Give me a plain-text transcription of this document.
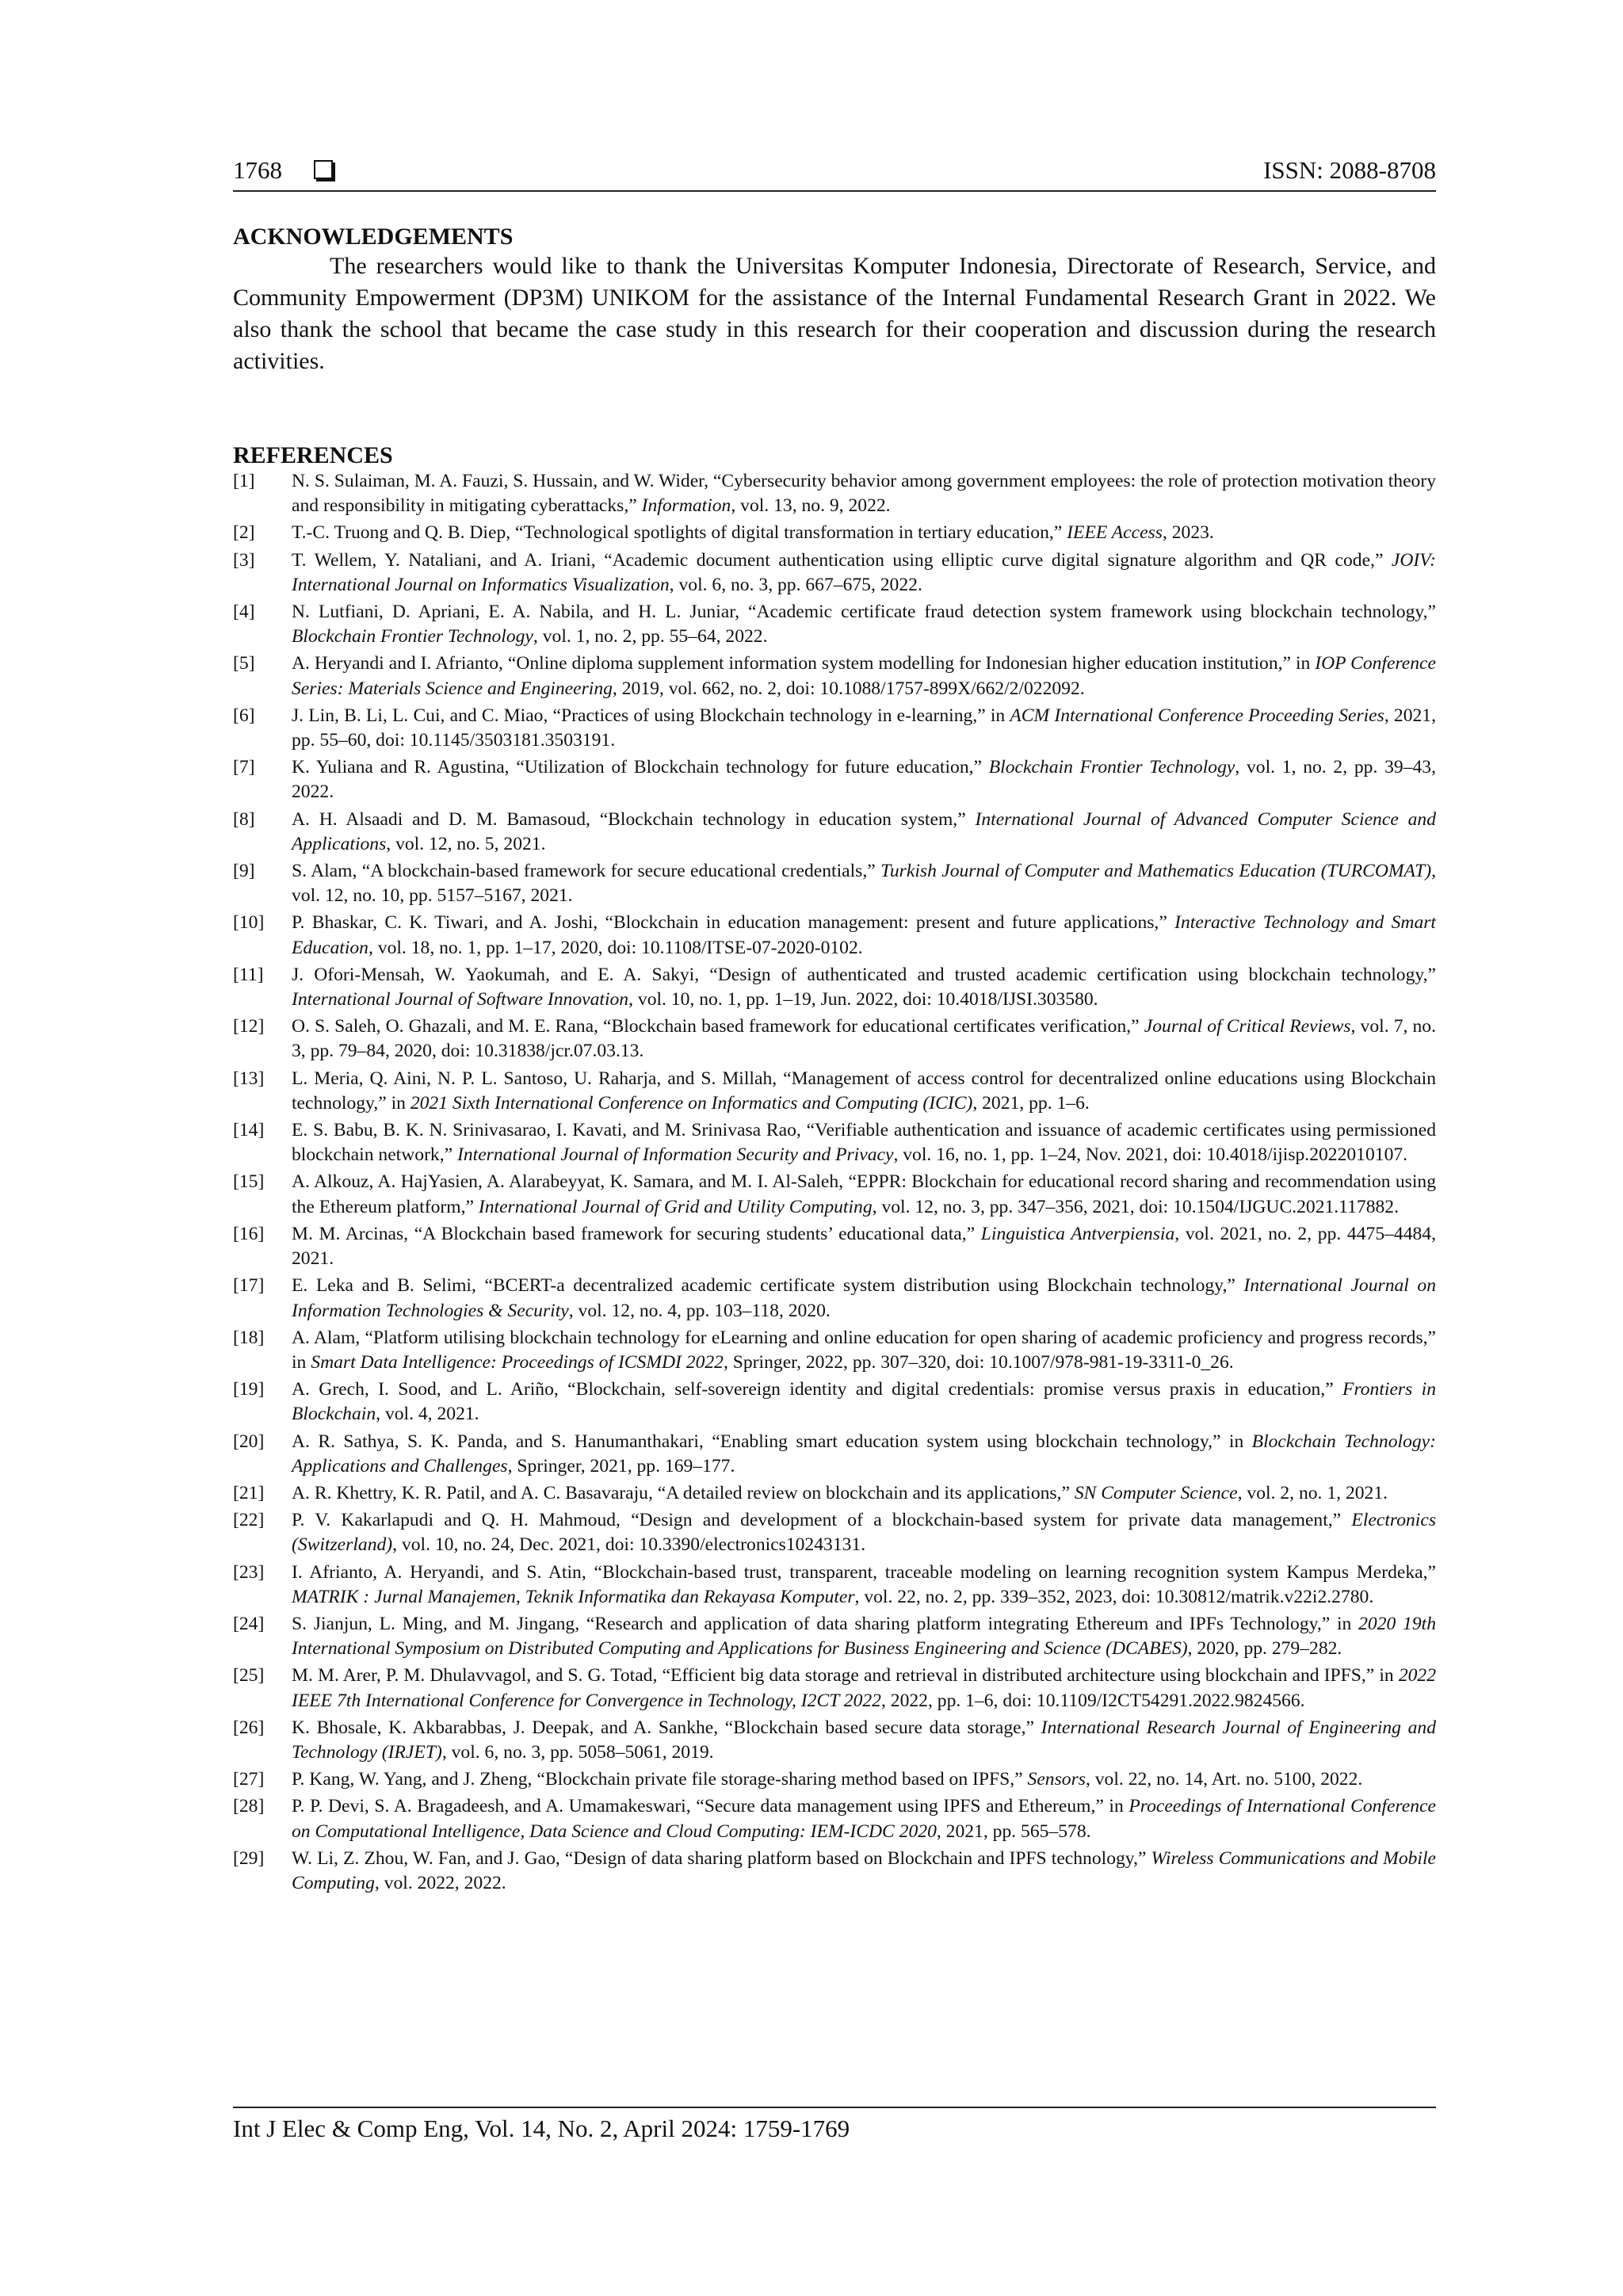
1768	ISSN: 2088-8708
ACKNOWLEDGEMENTS

The researchers would like to thank the Universitas Komputer Indonesia, Directorate of Research, Service, and Community Empowerment (DP3M) UNIKOM for the assistance of the Internal Fundamental Research Grant in 2022. We also thank the school that became the case study in this research for their cooperation and discussion during the research activities.

REFERENCES
[1] N. S. Sulaiman, M. A. Fauzi, S. Hussain, and W. Wider, “Cybersecurity behavior among government employees: the role of protection motivation theory and responsibility in mitigating cyberattacks,” Information, vol. 13, no. 9, 2022.
[2] T.-C. Truong and Q. B. Diep, “Technological spotlights of digital transformation in tertiary education,” IEEE Access, 2023.
[3] T. Wellem, Y. Nataliani, and A. Iriani, “Academic document authentication using elliptic curve digital signature algorithm and QR code,” JOIV: International Journal on Informatics Visualization, vol. 6, no. 3, pp. 667–675, 2022.
[4] N. Lutfiani, D. Apriani, E. A. Nabila, and H. L. Juniar, “Academic certificate fraud detection system framework using blockchain technology,” Blockchain Frontier Technology, vol. 1, no. 2, pp. 55–64, 2022.
[5] A. Heryandi and I. Afrianto, “Online diploma supplement information system modelling for Indonesian higher education institution,” in IOP Conference Series: Materials Science and Engineering, 2019, vol. 662, no. 2, doi: 10.1088/1757-899X/662/2/022092.
[6] J. Lin, B. Li, L. Cui, and C. Miao, “Practices of using Blockchain technology in e-learning,” in ACM International Conference Proceeding Series, 2021, pp. 55–60, doi: 10.1145/3503181.3503191.
[7] K. Yuliana and R. Agustina, “Utilization of Blockchain technology for future education,” Blockchain Frontier Technology, vol. 1, no. 2, pp. 39–43, 2022.
[8] A. H. Alsaadi and D. M. Bamasoud, “Blockchain technology in education system,” International Journal of Advanced Computer Science and Applications, vol. 12, no. 5, 2021.
[9] S. Alam, “A blockchain-based framework for secure educational credentials,” Turkish Journal of Computer and Mathematics Education (TURCOMAT), vol. 12, no. 10, pp. 5157–5167, 2021.
[10] P. Bhaskar, C. K. Tiwari, and A. Joshi, “Blockchain in education management: present and future applications,” Interactive Technology and Smart Education, vol. 18, no. 1, pp. 1–17, 2020, doi: 10.1108/ITSE-07-2020-0102.
[11] J. Ofori-Mensah, W. Yaokumah, and E. A. Sakyi, “Design of authenticated and trusted academic certification using blockchain technology,” International Journal of Software Innovation, vol. 10, no. 1, pp. 1–19, Jun. 2022, doi: 10.4018/IJSI.303580.
[12] O. S. Saleh, O. Ghazali, and M. E. Rana, “Blockchain based framework for educational certificates verification,” Journal of Critical Reviews, vol. 7, no. 3, pp. 79–84, 2020, doi: 10.31838/jcr.07.03.13.
[13] L. Meria, Q. Aini, N. P. L. Santoso, U. Raharja, and S. Millah, “Management of access control for decentralized online educations using Blockchain technology,” in 2021 Sixth International Conference on Informatics and Computing (ICIC), 2021, pp. 1–6.
[14] E. S. Babu, B. K. N. Srinivasarao, I. Kavati, and M. Srinivasa Rao, “Verifiable authentication and issuance of academic certificates using permissioned blockchain network,” International Journal of Information Security and Privacy, vol. 16, no. 1, pp. 1–24, Nov. 2021, doi: 10.4018/ijisp.2022010107.
[15] A. Alkouz, A. HajYasien, A. Alarabeyyat, K. Samara, and M. I. Al-Saleh, “EPPR: Blockchain for educational record sharing and recommendation using the Ethereum platform,” International Journal of Grid and Utility Computing, vol. 12, no. 3, pp. 347–356, 2021, doi: 10.1504/IJGUC.2021.117882.
[16] M. M. Arcinas, “A Blockchain based framework for securing students’ educational data,” Linguistica Antverpiensia, vol. 2021, no. 2, pp. 4475–4484, 2021.
[17] E. Leka and B. Selimi, “BCERT-a decentralized academic certificate system distribution using Blockchain technology,” International Journal on Information Technologies & Security, vol. 12, no. 4, pp. 103–118, 2020.
[18] A. Alam, “Platform utilising blockchain technology for eLearning and online education for open sharing of academic proficiency and progress records,” in Smart Data Intelligence: Proceedings of ICSMDI 2022, Springer, 2022, pp. 307–320, doi: 10.1007/978-981-19-3311-0_26.
[19] A. Grech, I. Sood, and L. Ariño, “Blockchain, self-sovereign identity and digital credentials: promise versus praxis in education,” Frontiers in Blockchain, vol. 4, 2021.
[20] A. R. Sathya, S. K. Panda, and S. Hanumanthakari, “Enabling smart education system using blockchain technology,” in Blockchain Technology: Applications and Challenges, Springer, 2021, pp. 169–177.
[21] A. R. Khettry, K. R. Patil, and A. C. Basavaraju, “A detailed review on blockchain and its applications,” SN Computer Science, vol. 2, no. 1, 2021.
[22] P. V. Kakarlapudi and Q. H. Mahmoud, “Design and development of a blockchain-based system for private data management,” Electronics (Switzerland), vol. 10, no. 24, Dec. 2021, doi: 10.3390/electronics10243131.
[23] I. Afrianto, A. Heryandi, and S. Atin, “Blockchain-based trust, transparent, traceable modeling on learning recognition system Kampus Merdeka,” MATRIK : Jurnal Manajemen, Teknik Informatika dan Rekayasa Komputer, vol. 22, no. 2, pp. 339–352, 2023, doi: 10.30812/matrik.v22i2.2780.
[24] S. Jianjun, L. Ming, and M. Jingang, “Research and application of data sharing platform integrating Ethereum and IPFs Technology,” in 2020 19th International Symposium on Distributed Computing and Applications for Business Engineering and Science (DCABES), 2020, pp. 279–282.
[25] M. M. Arer, P. M. Dhulavvagol, and S. G. Totad, “Efficient big data storage and retrieval in distributed architecture using blockchain and IPFS,” in 2022 IEEE 7th International Conference for Convergence in Technology, I2CT 2022, 2022, pp. 1–6, doi: 10.1109/I2CT54291.2022.9824566.
[26] K. Bhosale, K. Akbarabbas, J. Deepak, and A. Sankhe, “Blockchain based secure data storage,” International Research Journal of Engineering and Technology (IRJET), vol. 6, no. 3, pp. 5058–5061, 2019.
[27] P. Kang, W. Yang, and J. Zheng, “Blockchain private file storage-sharing method based on IPFS,” Sensors, vol. 22, no. 14, Art. no. 5100, 2022.
[28] P. P. Devi, S. A. Bragadeesh, and A. Umamakeswari, “Secure data management using IPFS and Ethereum,” in Proceedings of International Conference on Computational Intelligence, Data Science and Cloud Computing: IEM-ICDC 2020, 2021, pp. 565–578.
[29] W. Li, Z. Zhou, W. Fan, and J. Gao, “Design of data sharing platform based on Blockchain and IPFS technology,” Wireless Communications and Mobile Computing, vol. 2022, 2022.
Int J Elec & Comp Eng, Vol. 14, No. 2, April 2024: 1759-1769
